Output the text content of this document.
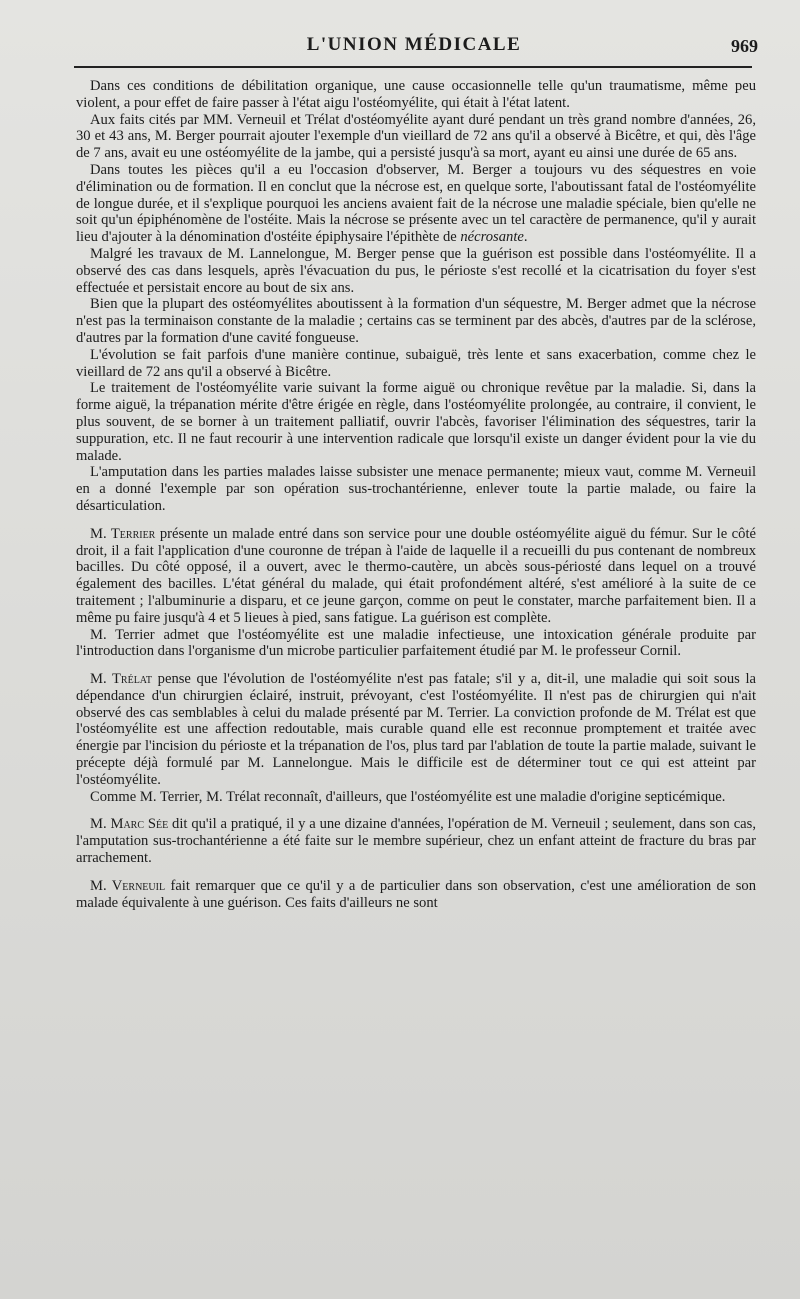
L'UNION MÉDICALE	969

Dans ces conditions de débilitation organique, une cause occasionnelle telle qu'un traumatisme, même peu violent, a pour effet de faire passer à l'état aigu l'ostéomyélite, qui était à l'état latent.

Aux faits cités par MM. Verneuil et Trélat d'ostéomyélite ayant duré pendant un très grand nombre d'années, 26, 30 et 43 ans, M. Berger pourrait ajouter l'exemple d'un vieillard de 72 ans qu'il a observé à Bicêtre, et qui, dès l'âge de 7 ans, avait eu une ostéomyélite de la jambe, qui a persisté jusqu'à sa mort, ayant eu ainsi une durée de 65 ans.

Dans toutes les pièces qu'il a eu l'occasion d'observer, M. Berger a toujours vu des séquestres en voie d'élimination ou de formation. Il en conclut que la nécrose est, en quelque sorte, l'aboutissant fatal de l'ostéomyélite de longue durée, et il s'explique pourquoi les anciens avaient fait de la nécrose une maladie spéciale, bien qu'elle ne soit qu'un épiphénomène de l'ostéite. Mais la nécrose se présente avec un tel caractère de permanence, qu'il y aurait lieu d'ajouter à la dénomination d'ostéite épiphysaire l'épithète de nécrosante.

Malgré les travaux de M. Lannelongue, M. Berger pense que la guérison est possible dans l'ostéomyélite. Il a observé des cas dans lesquels, après l'évacuation du pus, le périoste s'est recollé et la cicatrisation du foyer s'est effectuée et persistait encore au bout de six ans.

Bien que la plupart des ostéomyélites aboutissent à la formation d'un séquestre, M. Berger admet que la nécrose n'est pas la terminaison constante de la maladie ; certains cas se terminent par des abcès, d'autres par de la sclérose, d'autres par la formation d'une cavité fongueuse.

L'évolution se fait parfois d'une manière continue, subaiguë, très lente et sans exacerbation, comme chez le vieillard de 72 ans qu'il a observé à Bicêtre.

Le traitement de l'ostéomyélite varie suivant la forme aiguë ou chronique revêtue par la maladie. Si, dans la forme aiguë, la trépanation mérite d'être érigée en règle, dans l'ostéomyélite prolongée, au contraire, il convient, le plus souvent, de se borner à un traitement palliatif, ouvrir l'abcès, favoriser l'élimination des séquestres, tarir la suppuration, etc. Il ne faut recourir à une intervention radicale que lorsqu'il existe un danger évident pour la vie du malade.

L'amputation dans les parties malades laisse subsister une menace permanente; mieux vaut, comme M. Verneuil en a donné l'exemple par son opération sus-trochantérienne, enlever toute la partie malade, ou faire la désarticulation.

M. Terrier présente un malade entré dans son service pour une double ostéomyélite aiguë du fémur. Sur le côté droit, il a fait l'application d'une couronne de trépan à l'aide de laquelle il a recueilli du pus contenant de nombreux bacilles. Du côté opposé, il a ouvert, avec le thermo-cautère, un abcès sous-périosté dans lequel on a trouvé également des bacilles. L'état général du malade, qui était profondément altéré, s'est amélioré à la suite de ce traitement ; l'albuminurie a disparu, et ce jeune garçon, comme on peut le constater, marche parfaitement bien. Il a même pu faire jusqu'à 4 et 5 lieues à pied, sans fatigue. La guérison est complète.

M. Terrier admet que l'ostéomyélite est une maladie infectieuse, une intoxication générale produite par l'introduction dans l'organisme d'un microbe particulier parfaitement étudié par M. le professeur Cornil.

M. Trélat pense que l'évolution de l'ostéomyélite n'est pas fatale; s'il y a, dit-il, une maladie qui soit sous la dépendance d'un chirurgien éclairé, instruit, prévoyant, c'est l'ostéomyélite. Il n'est pas de chirurgien qui n'ait observé des cas semblables à celui du malade présenté par M. Terrier. La conviction profonde de M. Trélat est que l'ostéomyélite est une affection redoutable, mais curable quand elle est reconnue promptement et traitée avec énergie par l'incision du périoste et la trépanation de l'os, plus tard par l'ablation de toute la partie malade, suivant le précepte déjà formulé par M. Lannelongue. Mais le difficile est de déterminer tout ce qui est atteint par l'ostéomyélite.

Comme M. Terrier, M. Trélat reconnaît, d'ailleurs, que l'ostéomyélite est une maladie d'origine septicémique.

M. Marc Sée dit qu'il a pratiqué, il y a une dizaine d'années, l'opération de M. Verneuil ; seulement, dans son cas, l'amputation sus-trochantérienne a été faite sur le membre supérieur, chez un enfant atteint de fracture du bras par arrachement.

M. Verneuil fait remarquer que ce qu'il y a de particulier dans son observation, c'est une amélioration de son malade équivalente à une guérison. Ces faits d'ailleurs ne sont
